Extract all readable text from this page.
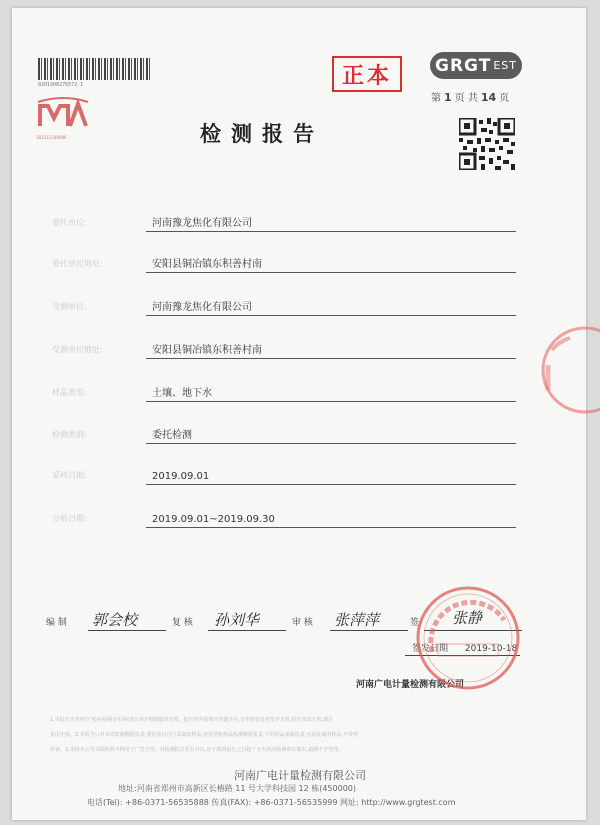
0201908276572-1
181512340086
正本	GRGT EST
第 1 页 共 14 页
检测报告
委托单位:	河南豫龙焦化有限公司
委托单位地址:	安阳县铜冶镇东积善村南
受测单位:	河南豫龙焦化有限公司
受测单位地址:	安阳县铜冶镇东积善村南
样品类型:	土壤、地下水
检测类别:	委托检测
采样日期:	2019.09.01
分析日期:	2019.09.01~2019.09.30
编 制 郭会校	复 核 孙刘华	审 核 张萍萍	签 张静
签发日期 2019-10-18
河南广电计量检测有限公司
1.本报告无本单位"检验检测专用章(或公章)"和骑缝章无效。报告内容需填写清楚齐全,无审核签发者签字无效,报告涂改无效,部分
复印无效。2.本报告只对本次监测数据负责;委托单位自行采集的样品,仅对送检样品检测数据负责,不对样品来源负责,无法复现的样品,不受理
申诉。3.未经本公司书面批准不得用于广告宣传。对检测报告若有异议,应于收到报告之日起十五天内向检测单位提出,逾期不予受理。
河南广电计量检测有限公司
地址:河南省郑州市高新区长椿路 11 号大学科技园 12 栋(450000)
电话(Tel): +86-0371-56535888 传真(FAX): +86-0371-56535999 网址: http://www.grgtest.com
